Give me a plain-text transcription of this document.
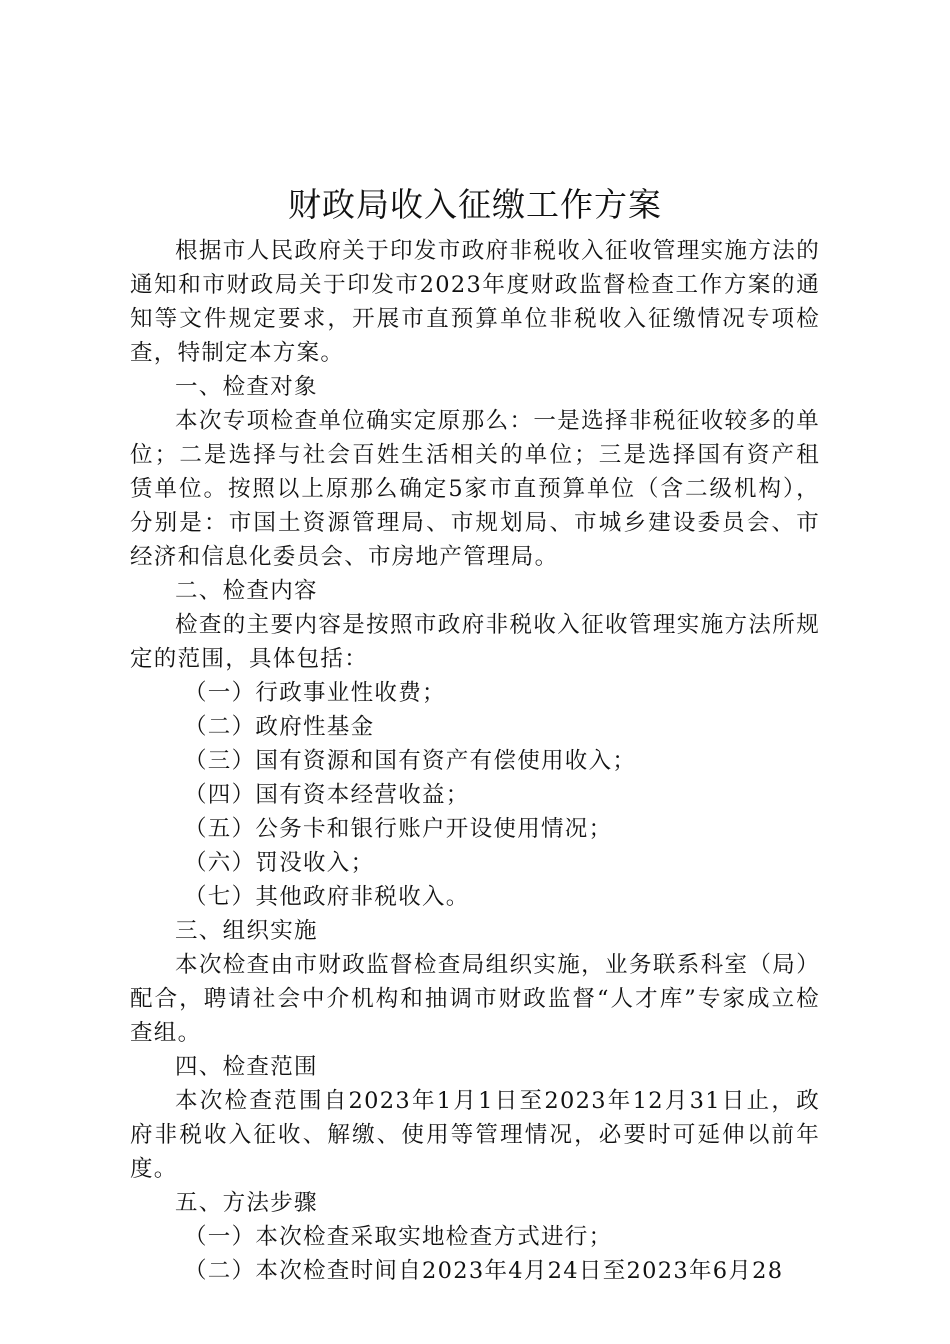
财政局收入征缴工作方案

根据市人民政府关于印发市政府非税收入征收管理实施方法的通知和市财政局关于印发市2023年度财政监督检查工作方案的通知等文件规定要求，开展市直预算单位非税收入征缴情况专项检查，特制定本方案。

一、检查对象

本次专项检查单位确实定原那么：一是选择非税征收较多的单位；二是选择与社会百姓生活相关的单位；三是选择国有资产租赁单位。按照以上原那么确定5家市直预算单位（含二级机构），分别是：市国土资源管理局、市规划局、市城乡建设委员会、市经济和信息化委员会、市房地产管理局。

二、检查内容

检查的主要内容是按照市政府非税收入征收管理实施方法所规定的范围，具体包括：

（一）行政事业性收费；

（二）政府性基金

（三）国有资源和国有资产有偿使用收入；

（四）国有资本经营收益；

（五）公务卡和银行账户开设使用情况；

（六）罚没收入；

（七）其他政府非税收入。

三、组织实施

本次检查由市财政监督检查局组织实施，业务联系科室（局）配合，聘请社会中介机构和抽调市财政监督“人才库”专家成立检查组。

四、检查范围

本次检查范围自2023年1月1日至2023年12月31日止，政府非税收入征收、解缴、使用等管理情况，必要时可延伸以前年度。

五、方法步骤

（一）本次检查采取实地检查方式进行；

（二）本次检查时间自2023年4月24日至2023年6月28
